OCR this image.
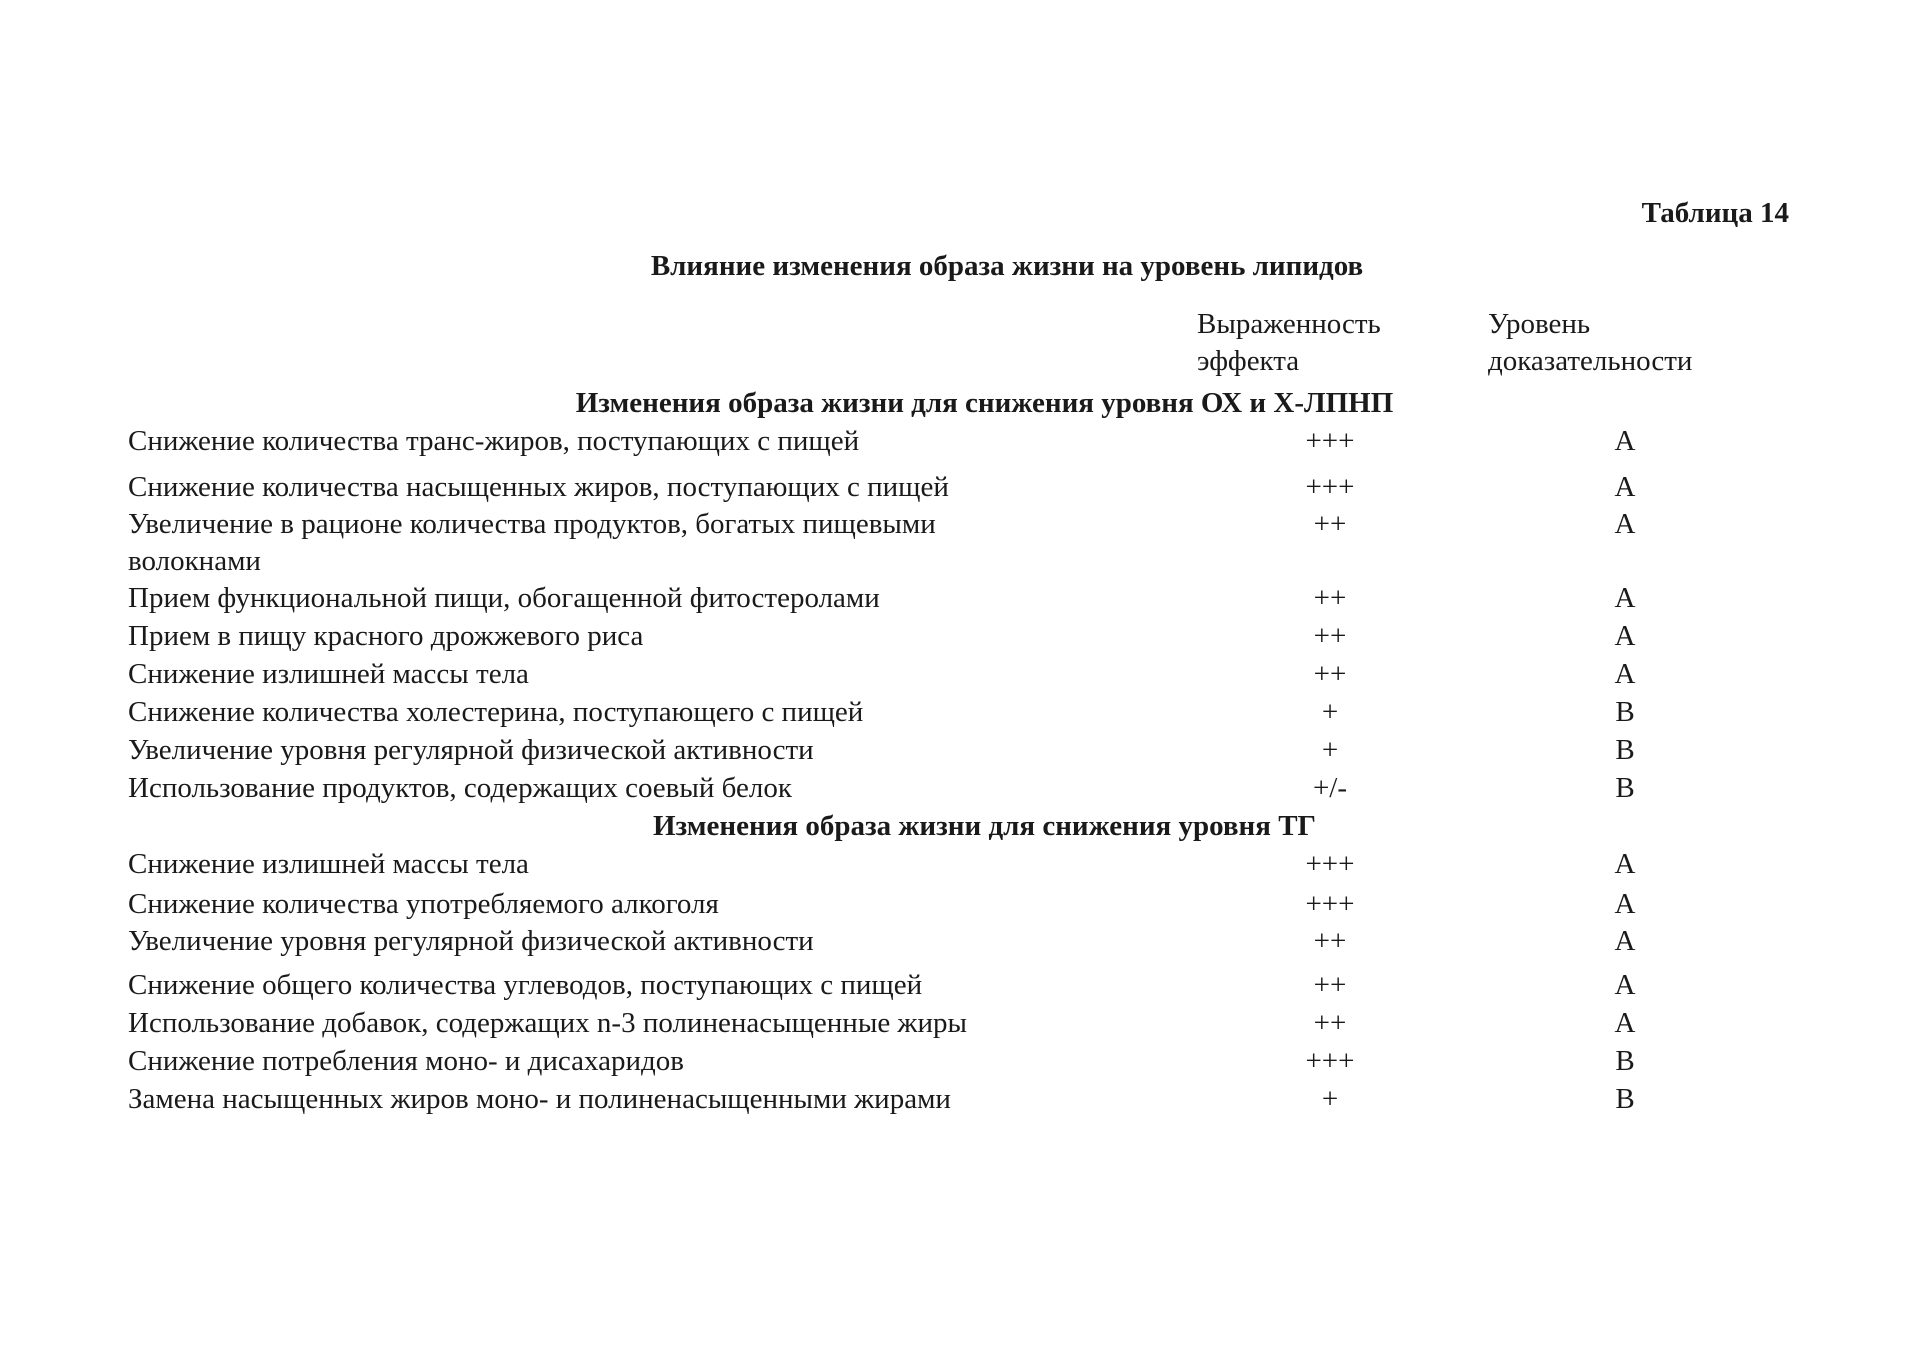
Таблица 14
Влияние изменения образа жизни на уровень липидов
Выраженность
эффекта
Уровень
доказательности
Изменения образа жизни для снижения уровня ОХ и Х-ЛПНП
Снижение количества транс-жиров, поступающих с пищей	+++	A
Снижение количества насыщенных жиров, поступающих с пищей	+++	A
Увеличение в рационе количества продуктов, богатых пищевыми
волокнами
++	A
Прием функциональной пищи, обогащенной фитостеролами	++	A
Прием в пищу красного дрожжевого риса	++	A
Снижение излишней массы тела	++	A
Снижение количества холестерина, поступающего с пищей	+	B
Увеличение уровня регулярной физической активности	+	B
Использование продуктов, содержащих соевый белок	+/-	B
Изменения образа жизни для снижения уровня ТГ
Снижение излишней массы тела	+++	A
Снижение количества употребляемого алкоголя	+++	A
Увеличение уровня регулярной физической активности	++	A
Снижение общего количества углеводов, поступающих с пищей	++	A
Использование добавок, содержащих n-3 полиненасыщенные жиры	++	A
Снижение потребления моно- и дисахаридов	+++	B
Замена насыщенных жиров моно- и полиненасыщенными жирами	+	B
